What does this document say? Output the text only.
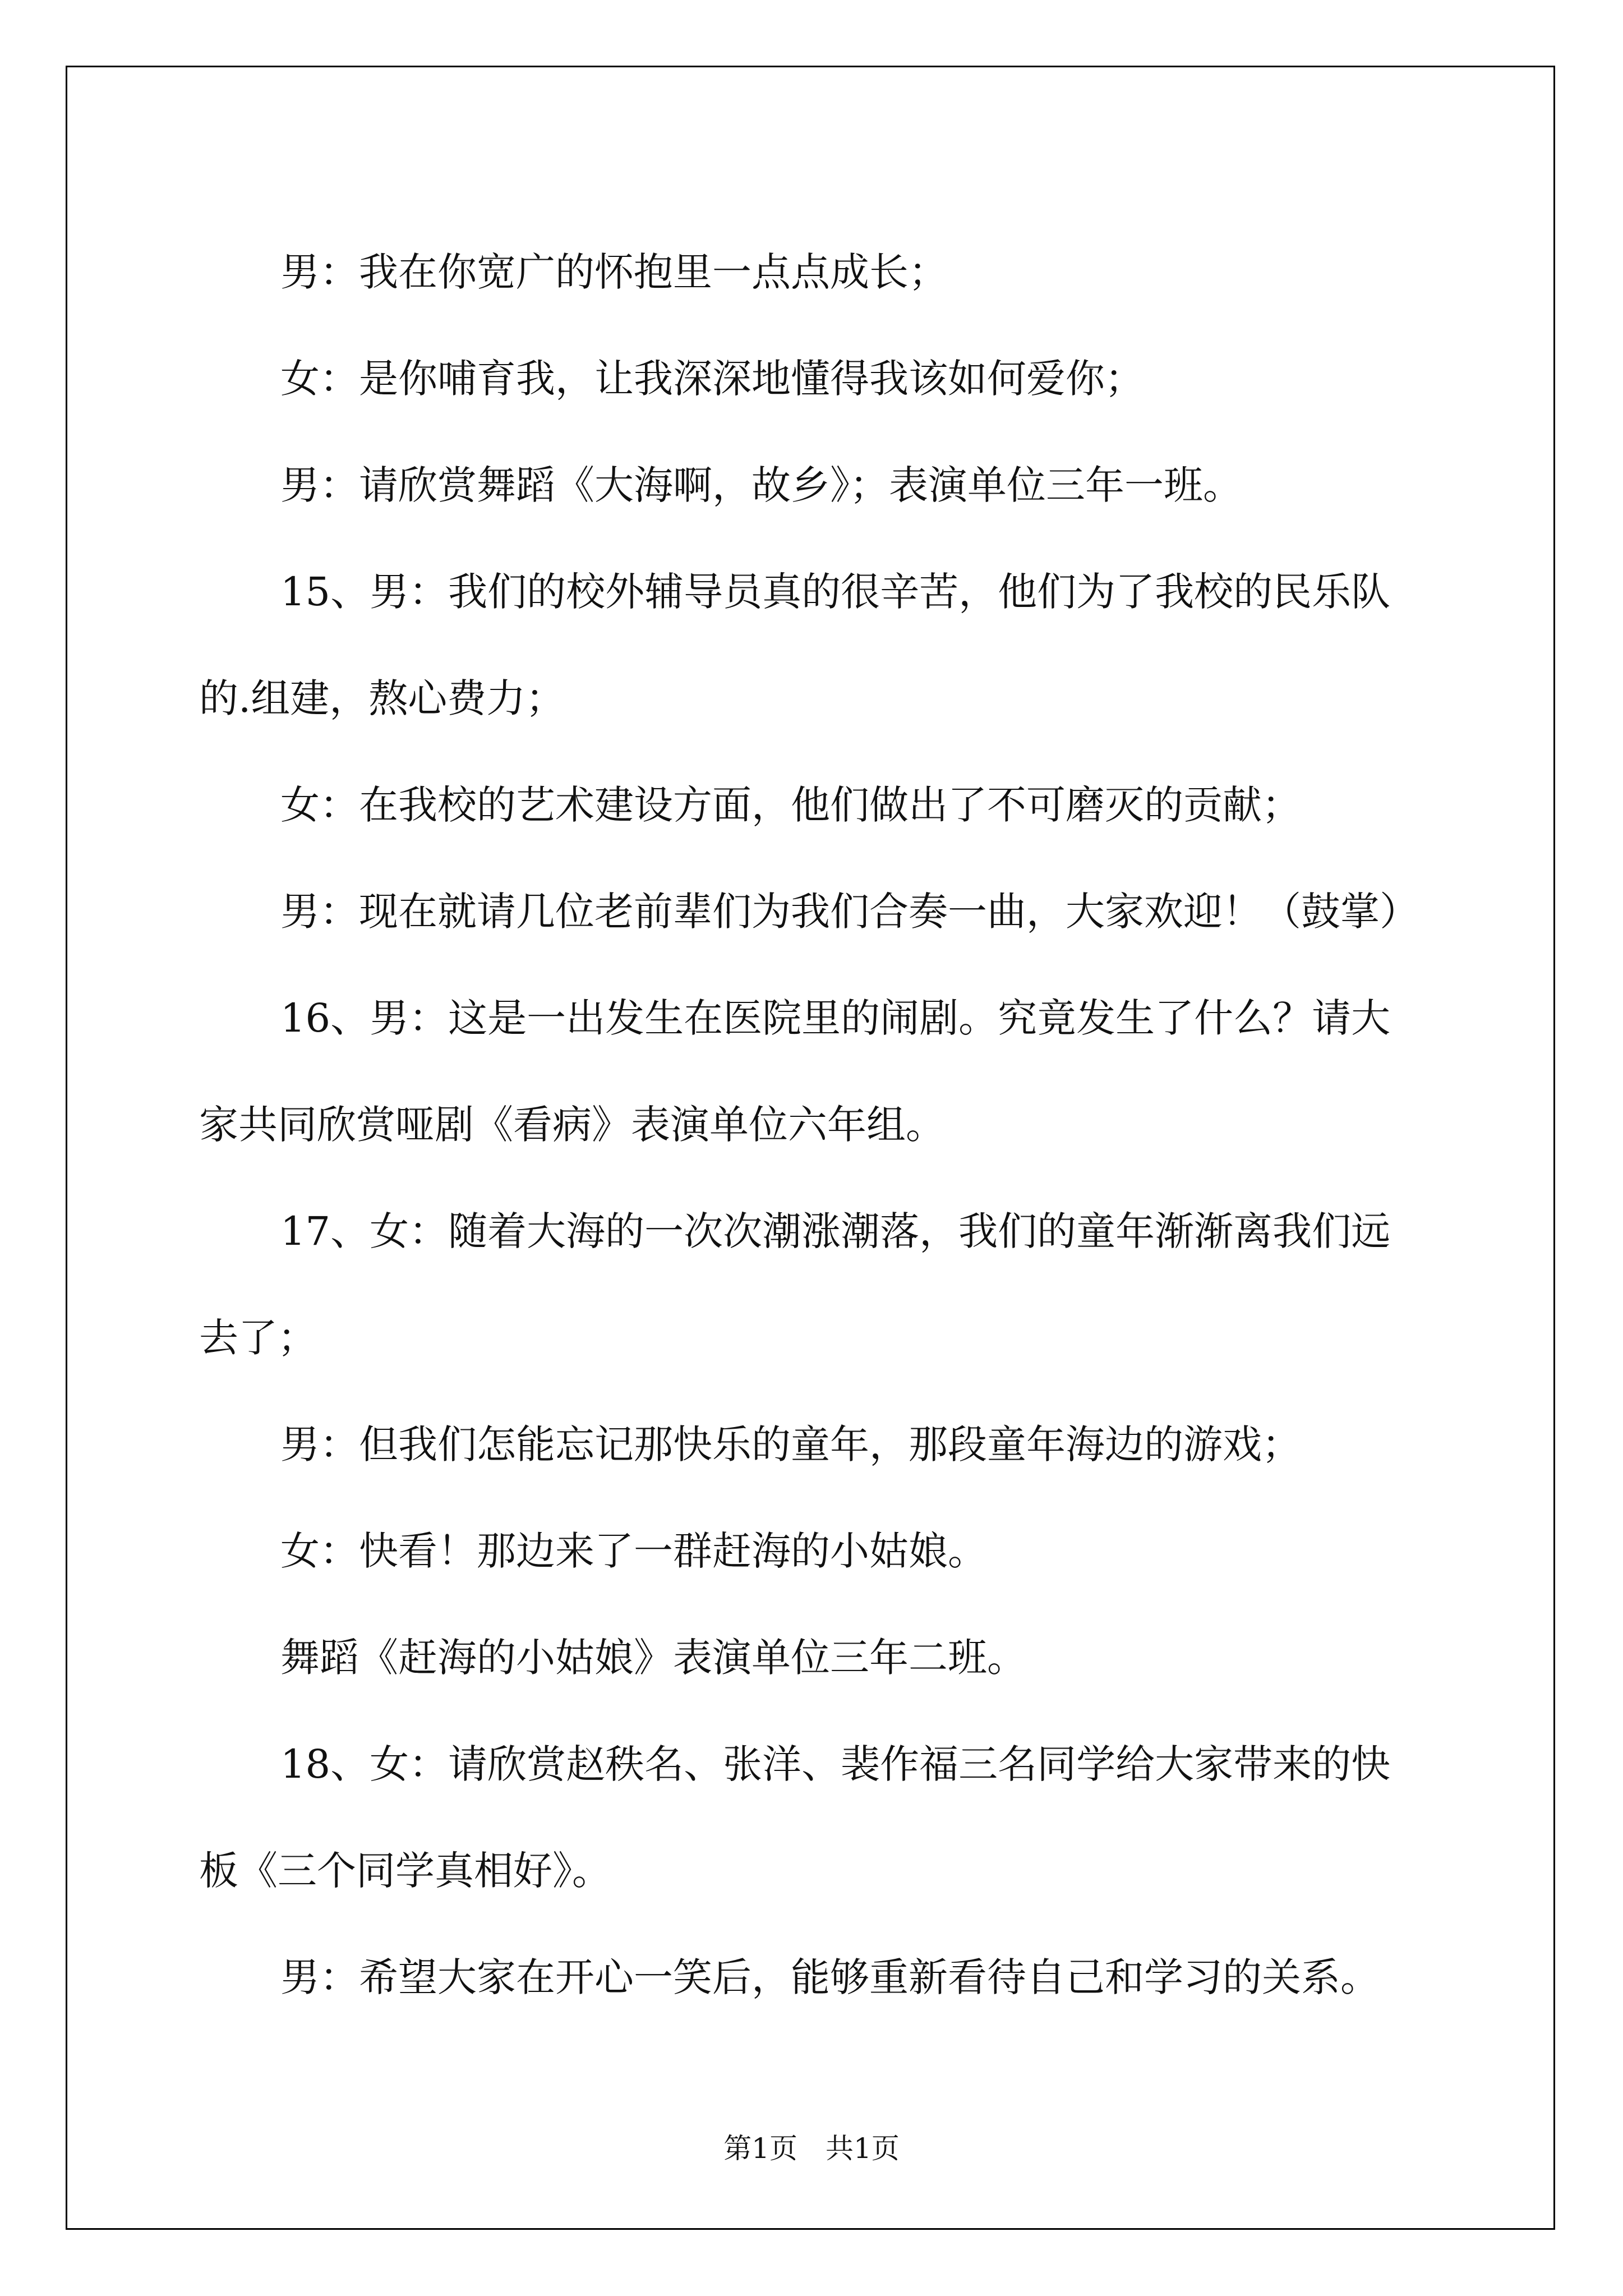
男：我在你宽广的怀抱里一点点成长；

女：是你哺育我，让我深深地懂得我该如何爱你；

男：请欣赏舞蹈《大海啊，故乡》；表演单位三年一班。

15、男：我们的校外辅导员真的很辛苦，他们为了我校的民乐队

的.组建，熬心费力；

女：在我校的艺术建设方面，他们做出了不可磨灭的贡献；

男：现在就请几位老前辈们为我们合奏一曲，大家欢迎！（鼓掌）

16、男：这是一出发生在医院里的闹剧。究竟发生了什么？请大

家共同欣赏哑剧《看病》表演单位六年组。

17、女：随着大海的一次次潮涨潮落，我们的童年渐渐离我们远

去了；

男：但我们怎能忘记那快乐的童年，那段童年海边的游戏；

女：快看！那边来了一群赶海的小姑娘。

舞蹈《赶海的小姑娘》表演单位三年二班。

18、女：请欣赏赵秩名、张洋、裴作福三名同学给大家带来的快

板《三个同学真相好》。

男：希望大家在开心一笑后，能够重新看待自己和学习的关系。

第1页 共1页
